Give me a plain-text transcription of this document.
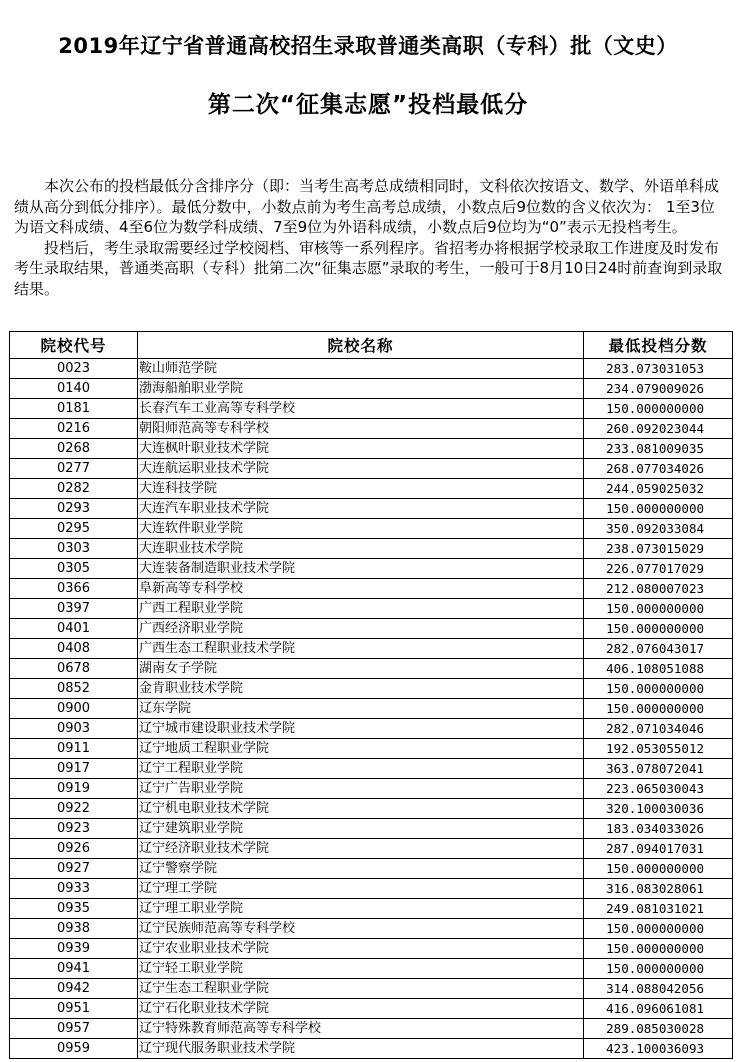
2019年辽宁省普通高校招生录取普通类高职（专科）批（文史）
第二次“征集志愿”投档最低分

本次公布的投档最低分含排序分（即：当考生高考总成绩相同时，文科依次按语文、数学、外语单科成绩从高分到低分排序）。最低分数中，小数点前为考生高考总成绩，小数点后9位数的含义依次为： 1至3位为语文科成绩、4至6位为数学科成绩、7至9位为外语科成绩，小数点后9位均为“0”表示无投档考生。

投档后，考生录取需要经过学校阅档、审核等一系列程序。省招考办将根据学校录取工作进度及时发布考生录取结果，普通类高职（专科）批第二次“征集志愿”录取的考生，一般可于8月10日24时前查询到录取结果。

院校代号	院校名称	最低投档分数
0023	鞍山师范学院	283.073031053
0140	渤海船舶职业学院	234.079009026
0181	长春汽车工业高等专科学校	150.000000000
0216	朝阳师范高等专科学校	260.092023044
0268	大连枫叶职业技术学院	233.081009035
0277	大连航运职业技术学院	268.077034026
0282	大连科技学院	244.059025032
0293	大连汽车职业技术学院	150.000000000
0295	大连软件职业学院	350.092033084
0303	大连职业技术学院	238.073015029
0305	大连装备制造职业技术学院	226.077017029
0366	阜新高等专科学校	212.080007023
0397	广西工程职业学院	150.000000000
0401	广西经济职业学院	150.000000000
0408	广西生态工程职业技术学院	282.076043017
0678	湖南女子学院	406.108051088
0852	金肯职业技术学院	150.000000000
0900	辽东学院	150.000000000
0903	辽宁城市建设职业技术学院	282.071034046
0911	辽宁地质工程职业学院	192.053055012
0917	辽宁工程职业学院	363.078072041
0919	辽宁广告职业学院	223.065030043
0922	辽宁机电职业技术学院	320.100030036
0923	辽宁建筑职业学院	183.034033026
0926	辽宁经济职业技术学院	287.094017031
0927	辽宁警察学院	150.000000000
0933	辽宁理工学院	316.083028061
0935	辽宁理工职业学院	249.081031021
0938	辽宁民族师范高等专科学校	150.000000000
0939	辽宁农业职业技术学院	150.000000000
0941	辽宁轻工职业学院	150.000000000
0942	辽宁生态工程职业学院	314.088042056
0951	辽宁石化职业技术学院	416.096061081
0957	辽宁特殊教育师范高等专科学校	289.085030028
0959	辽宁现代服务职业技术学院	423.100036093
